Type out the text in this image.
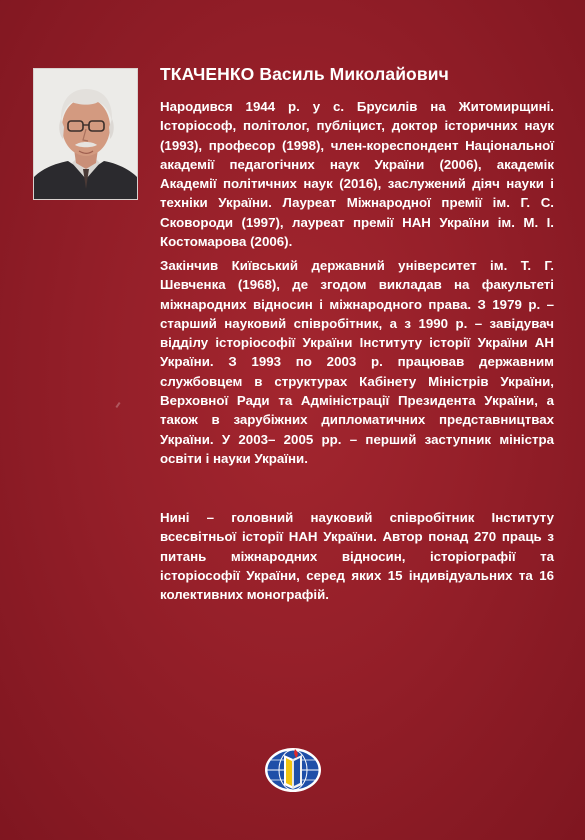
ТКАЧЕНКО Василь Миколайович
Народився 1944 р. у с. Брусилів на Житомирщині. Історіософ, політолог, публіцист, доктор історичних наук (1993), професор (1998), член-кореспондент Національної академії педагогічних наук України (2006), академік Академії політичних наук (2016), заслужений діяч науки і техніки України. Лауреат Міжнародної премії ім. Г. С. Сковороди (1997), лауреат премії НАН України ім. М. І. Костомарова (2006).
Закінчив Київський державний університет ім. Т. Г. Шевченка (1968), де згодом викладав на факультеті міжнародних відносин і міжнародного права. З 1979 р. – старший науковий співробітник, а з 1990 р. – завідувач відділу історіософії України Інституту історії України АН України. З 1993 по 2003 р. працював державним службовцем в структурах Кабінету Міністрів України, Верховної Ради та Адміністрації Президента України, а також в зарубіжних дипломатичних представництвах України. У 2003– 2005 рр. – перший заступник міністра освіти і науки України.
Нині – головний науковий співробітник Інституту всесвітньої історії НАН України. Автор понад 270 праць з питань міжнародних відносин, історіографії та історіософії України, серед яких 15 індивідуальних та 16 колективних монографій.
